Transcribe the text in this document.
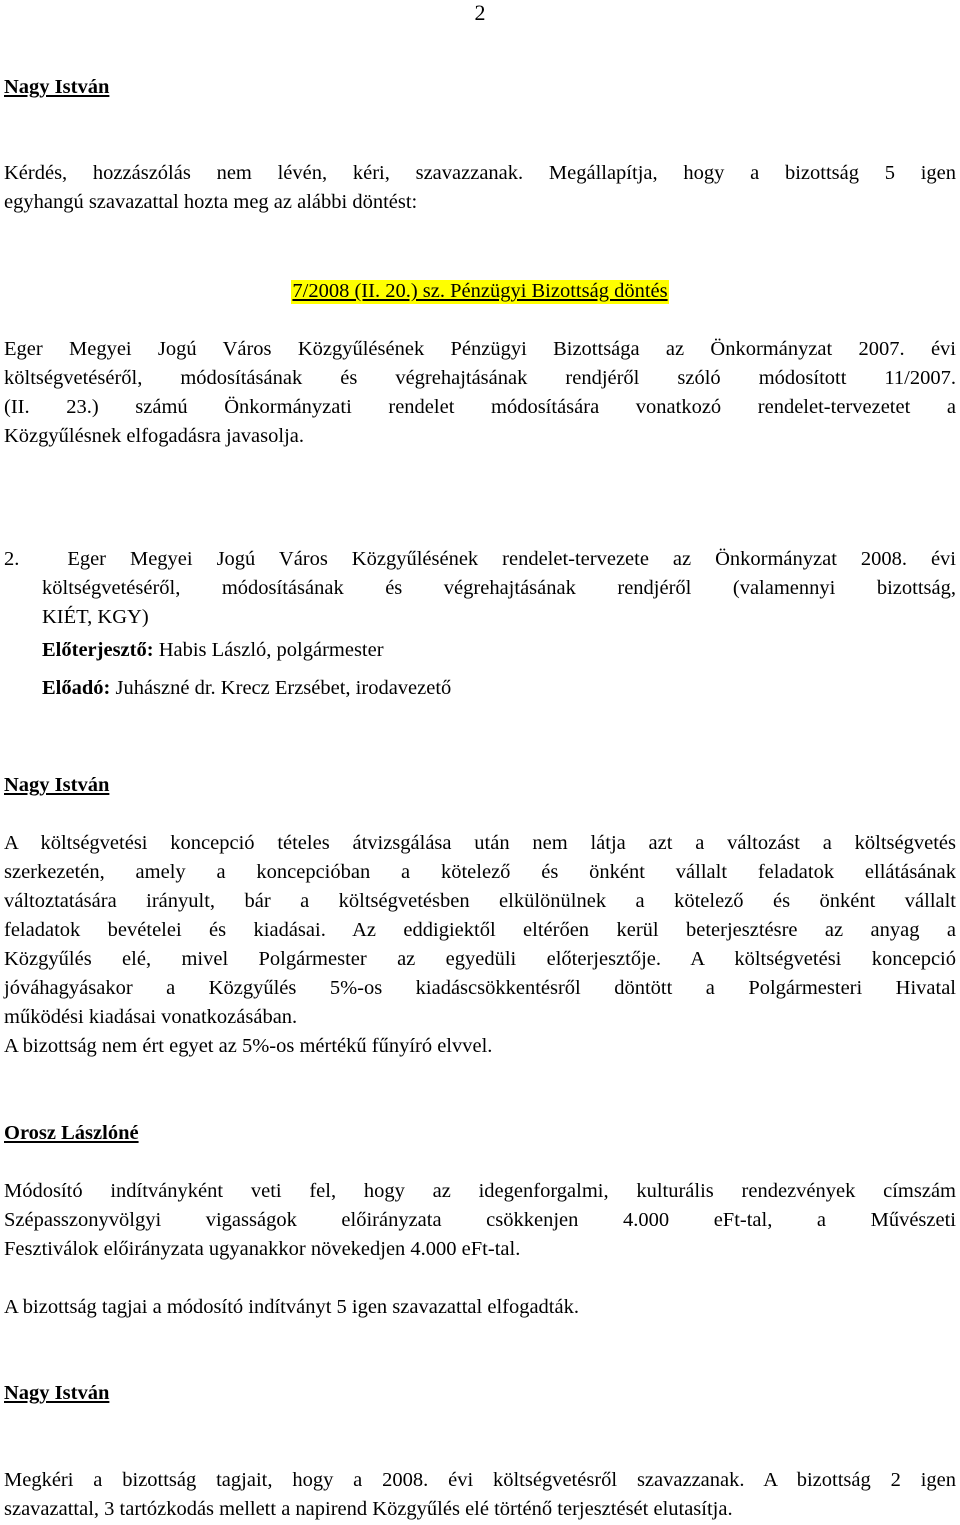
2
Nagy István
Kérdés, hozzászólás nem lévén, kéri, szavazzanak. Megállapítja, hogy a bizottság 5 igen
egyhangú szavazattal hozta meg az alábbi döntést:
7/2008 (II. 20.) sz. Pénzügyi Bizottság döntés
Eger Megyei Jogú Város Közgyűlésének Pénzügyi Bizottsága az Önkormányzat 2007. évi
költségvetéséről, módosításának és végrehajtásának rendjéről szóló módosított 11/2007.
(II. 23.) számú Önkormányzati rendelet módosítására vonatkozó rendelet-tervezetet a
Közgyűlésnek elfogadásra javasolja.
2. Eger Megyei Jogú Város Közgyűlésének rendelet-tervezete az Önkormányzat 2008. évi
költségvetéséről, módosításának és végrehajtásának rendjéről (valamennyi bizottság,
KIÉT, KGY)
Előterjesztő: Habis László, polgármester
Előadó: Juhászné dr. Krecz Erzsébet, irodavezető
Nagy István
A költségvetési koncepció tételes átvizsgálása után nem látja azt a változást a költségvetés
szerkezetén, amely a koncepcióban a kötelező és önként vállalt feladatok ellátásának
változtatására irányult, bár a költségvetésben elkülönülnek a kötelező és önként vállalt
feladatok bevételei és kiadásai. Az eddigiektől eltérően kerül beterjesztésre az anyag a
Közgyűlés elé, mivel Polgármester az egyedüli előterjesztője. A költségvetési koncepció
jóváhagyásakor a Közgyűlés 5%-os kiadáscsökkentésről döntött a Polgármesteri Hivatal
működési kiadásai vonatkozásában.
A bizottság nem ért egyet az 5%-os mértékű fűnyíró elvvel.
Orosz Lászlóné
Módosító indítványként veti fel, hogy az idegenforgalmi, kulturális rendezvények címszám
Szépasszonyvölgyi vigasságok előirányzata csökkenjen 4.000 eFt-tal, a Művészeti
Fesztiválok előirányzata ugyanakkor növekedjen 4.000 eFt-tal.
A bizottság tagjai a módosító indítványt 5 igen szavazattal elfogadták.
Nagy István
Megkéri a bizottság tagjait, hogy a 2008. évi költségvetésről szavazzanak. A bizottság 2 igen
szavazattal, 3 tartózkodás mellett a napirend Közgyűlés elé történő terjesztését elutasítja.
